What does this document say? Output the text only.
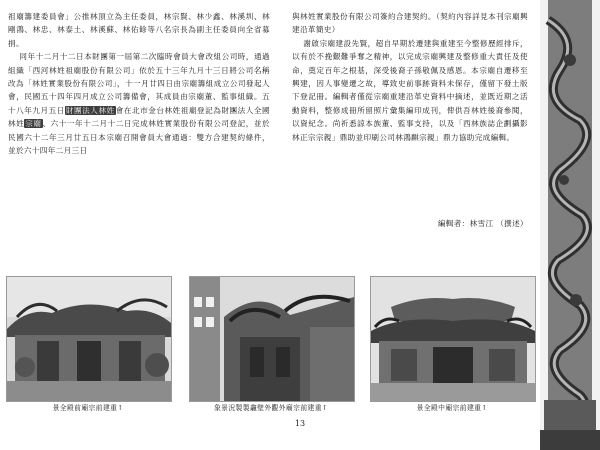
祖廟籌建委員會」公推林頂立為主任委員，林宗賢、林少鑫、林溪圳、林剛鴻、林忠、林泰土、林溪蘇、林佑餘等八名宗長為副主任委員向全省募捐。

同年十二月十二日本財團第一屆第二次臨時會員大會改組公司時，通過組織「西河林姓祖廟股份有限公司」依於五十三年九月十三日將公司名稱改為「林姓實業股份有限公司」，十一月廿四日由宗廟籌組成立公司發起人會，民國五十四年四月成立公司籌備會，其成員由宗廟董、監事組織。五十八年九月五日財團法人林姓會在北市金台林姓祖廟登記為財團法人全國林姓宗廟、六十一年十二月十二日完成林姓實業股份有限公司登記，並於民國六十二年三月廿五日本宗廟召開會員大會通過：雙方合建契約條件，並於六十四年二月三日

與林姓實業股份有限公司簽約合建契約。（契約內容詳見本刊宗廟興建沿革簡史）

謝啟宗廟建設先賢，超自早期於遷建與重建至今整修歷經排斥，以有於不挽艱難爭奪之精神，以完成宗廟興建及整修重大責任及使命，奠定百年之根基，深受後裔子孫敬佩及感恩。本宗廟自遷移至興建，因人事變遷之故，導致史前事跡資料未保存，僅留下發土版下登記冊。編輯者僅從宗廟重建沿革史資料中摘述，並既近期之活動資料，整修成冊所留照片彙集編印成刊，俾供吾林姓後裔參閱，以資紀念。尚祈悉諒本族董、監事支持，以及「西林族誌企劃攝影林正宗宗親」鼎助並印刷公司林鴻麒宗親」鼎力協助完成編輯。

編輯者：林雪江 （撰述）
景全殿前廟宗前建重↑	象景況製製龕壁外觀外廟宗前建重↑	景全殿中廟宗前建重↑
13
